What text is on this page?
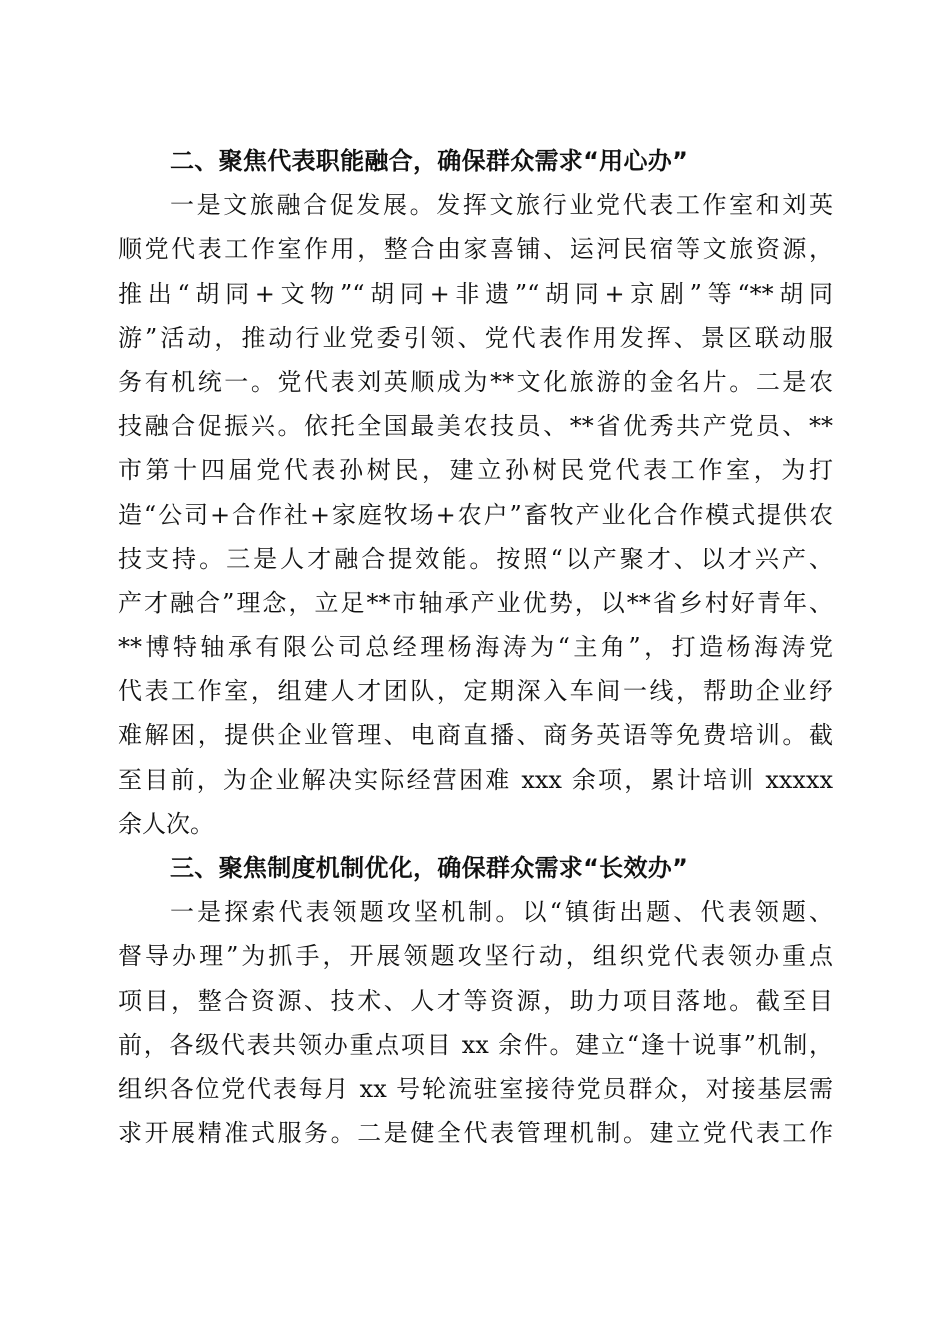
二、聚焦代表职能融合，确保群众需求“用心办”
一是文旅融合促发展。发挥文旅行业党代表工作室和刘英
顺党代表工作室作用，整合由家喜铺、运河民宿等文旅资源，
推出“胡同+文物”“胡同+非遗”“胡同+京剧”等“**胡同
游”活动，推动行业党委引领、党代表作用发挥、景区联动服
务有机统一。党代表刘英顺成为**文化旅游的金名片。二是农
技融合促振兴。依托全国最美农技员、**省优秀共产党员、**
市第十四届党代表孙树民，建立孙树民党代表工作室，为打
造“公司+合作社+家庭牧场+农户”畜牧产业化合作模式提供农
技支持。三是人才融合提效能。按照“以产聚才、以才兴产、
产才融合”理念，立足**市轴承产业优势，以**省乡村好青年、
**博特轴承有限公司总经理杨海涛为“主角”，打造杨海涛党
代表工作室，组建人才团队，定期深入车间一线，帮助企业纾
难解困，提供企业管理、电商直播、商务英语等免费培训。截
至目前，为企业解决实际经营困难 xxx 余项，累计培训 xxxxx
余人次。
三、聚焦制度机制优化，确保群众需求“长效办”
一是探索代表领题攻坚机制。以“镇街出题、代表领题、
督导办理”为抓手，开展领题攻坚行动，组织党代表领办重点
项目，整合资源、技术、人才等资源，助力项目落地。截至目
前，各级代表共领办重点项目 xx 余件。建立“逢十说事”机制，
组织各位党代表每月 xx 号轮流驻室接待党员群众，对接基层需
求开展精准式服务。二是健全代表管理机制。建立党代表工作
